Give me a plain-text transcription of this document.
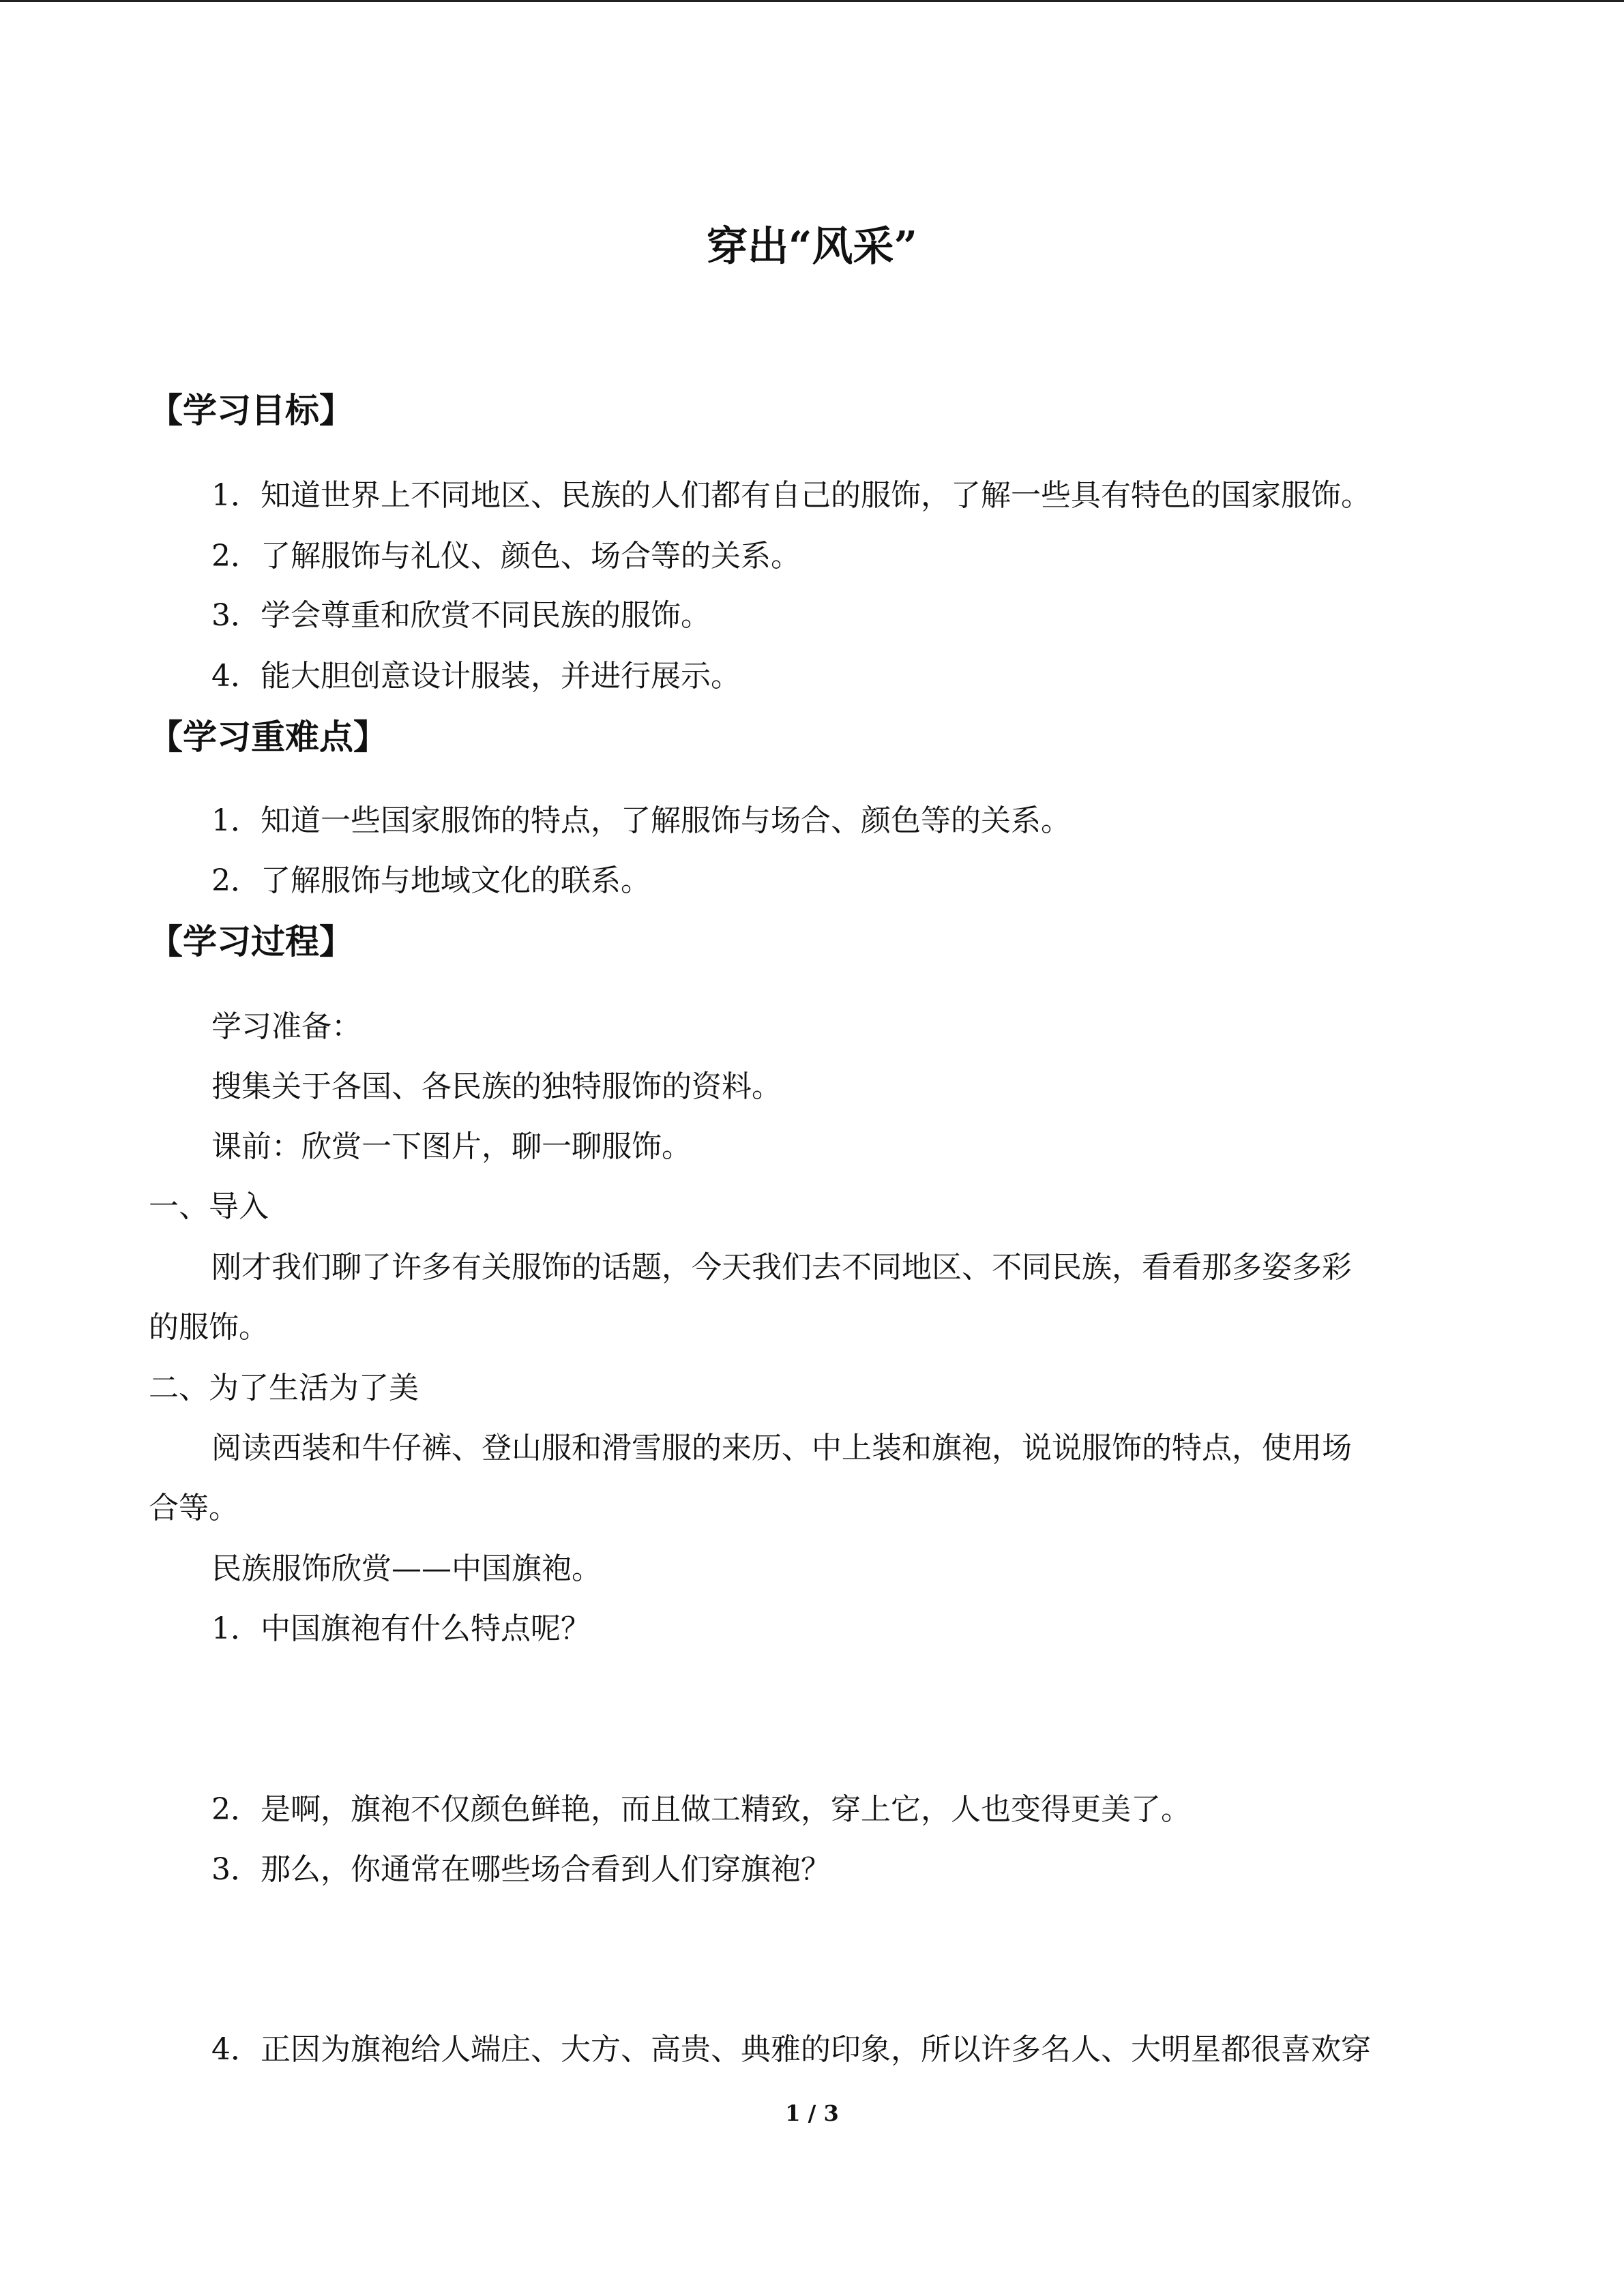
穿出“风采”
【学习目标】
1．知道世界上不同地区、民族的人们都有自己的服饰，了解一些具有特色的国家服饰。
2．了解服饰与礼仪、颜色、场合等的关系。
3．学会尊重和欣赏不同民族的服饰。
4．能大胆创意设计服装，并进行展示。
【学习重难点】
1．知道一些国家服饰的特点，了解服饰与场合、颜色等的关系。
2．了解服饰与地域文化的联系。
【学习过程】
学习准备：
搜集关于各国、各民族的独特服饰的资料。
课前：欣赏一下图片，聊一聊服饰。
一、导入
刚才我们聊了许多有关服饰的话题，今天我们去不同地区、不同民族，看看那多姿多彩
的服饰。
二、为了生活为了美
阅读西装和牛仔裤、登山服和滑雪服的来历、中上装和旗袍，说说服饰的特点，使用场
合等。
民族服饰欣赏——中国旗袍。
1．中国旗袍有什么特点呢？
2．是啊，旗袍不仅颜色鲜艳，而且做工精致，穿上它，人也变得更美了。
3．那么，你通常在哪些场合看到人们穿旗袍？
4．正因为旗袍给人端庄、大方、高贵、典雅的印象，所以许多名人、大明星都很喜欢穿
1 / 3
